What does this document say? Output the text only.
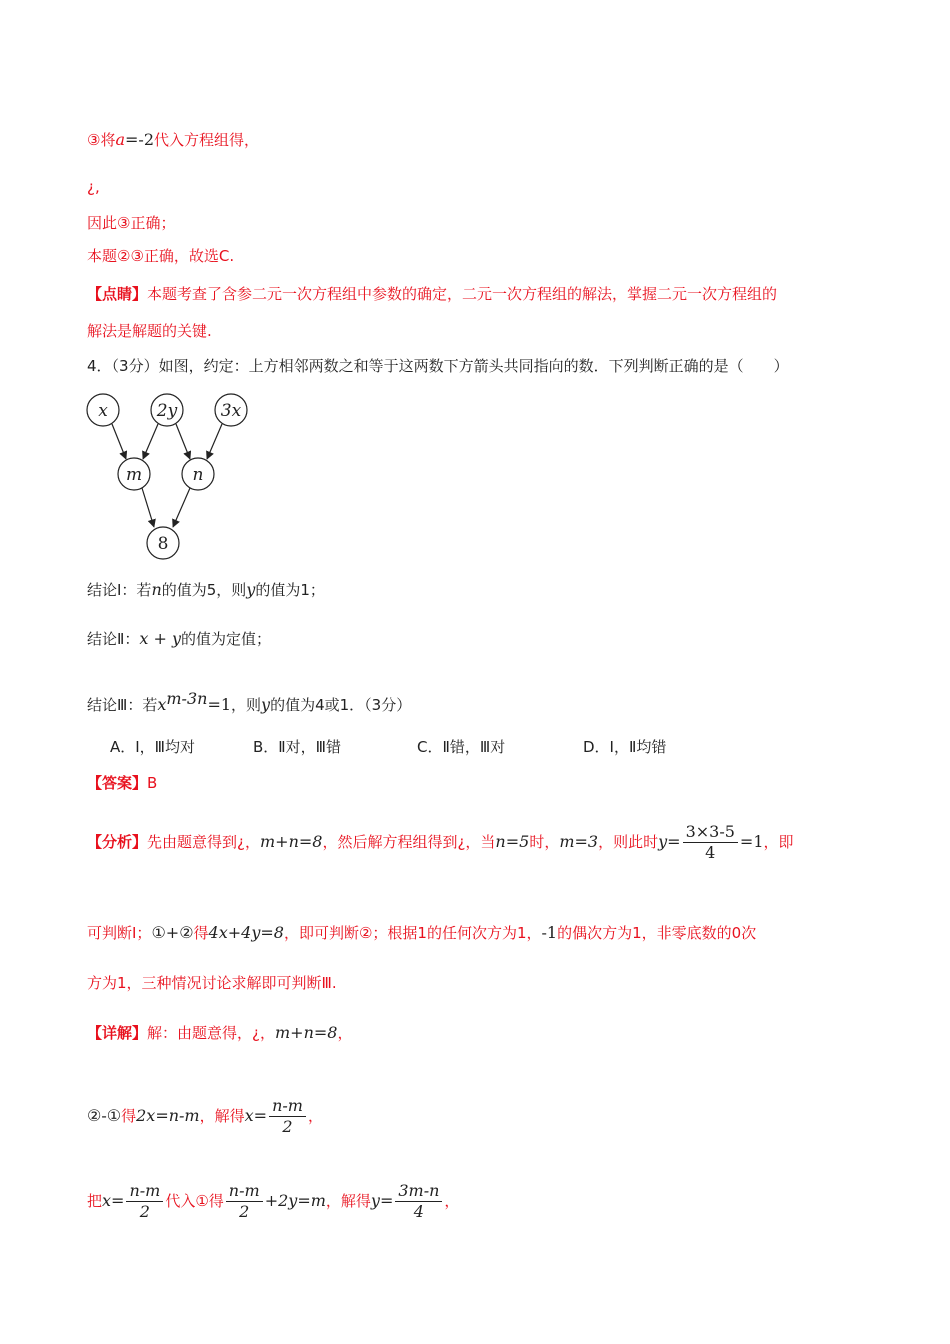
③将a=-2代入方程组得，
¿,
因此③正确；
本题②③正确，故选C.
【点睛】本题考查了含参二元一次方程组中参数的确定，二元一次方程组的解法，掌握二元一次方程组的
解法是解题的关键.
4．（3分）如图，约定：上方相邻两数之和等于这两数下方箭头共同指向的数．下列判断正确的是（　　）
x	2y	3x
m	n
8
结论Ⅰ：若n的值为5，则y的值为1；
结论Ⅱ：x + y的值为定值；
结论Ⅲ：若$x^{m-3n}=1$，则y的值为4或1．（3分）
A．Ⅰ，Ⅲ均对	B．Ⅱ对，Ⅲ错	C．Ⅱ错，Ⅲ对	D．Ⅰ，Ⅱ均错
【答案】B
【分析】先由题意得到¿，m+n=8，然后解方程组得到¿，当n=5时，m=3，则此时$y= \frac{3\times 3-5}{4} =1$，即
可判断Ⅰ；①+②得4x+4y=8，即可判断②；根据1的任何次方为1，-1的偶次方为1，非零底数的0次
方为1，三种情况讨论求解即可判断Ⅲ.
【详解】解：由题意得，¿，m+n=8，
②-①得2x=n-m，解得$x= \frac{n-m}{2}$ ，
把$x= \frac{n-m}{2}$ 代入①得 $\frac{n-m}{2} +2y=m$，解得$y= \frac{3m-n}{4}$ ，
